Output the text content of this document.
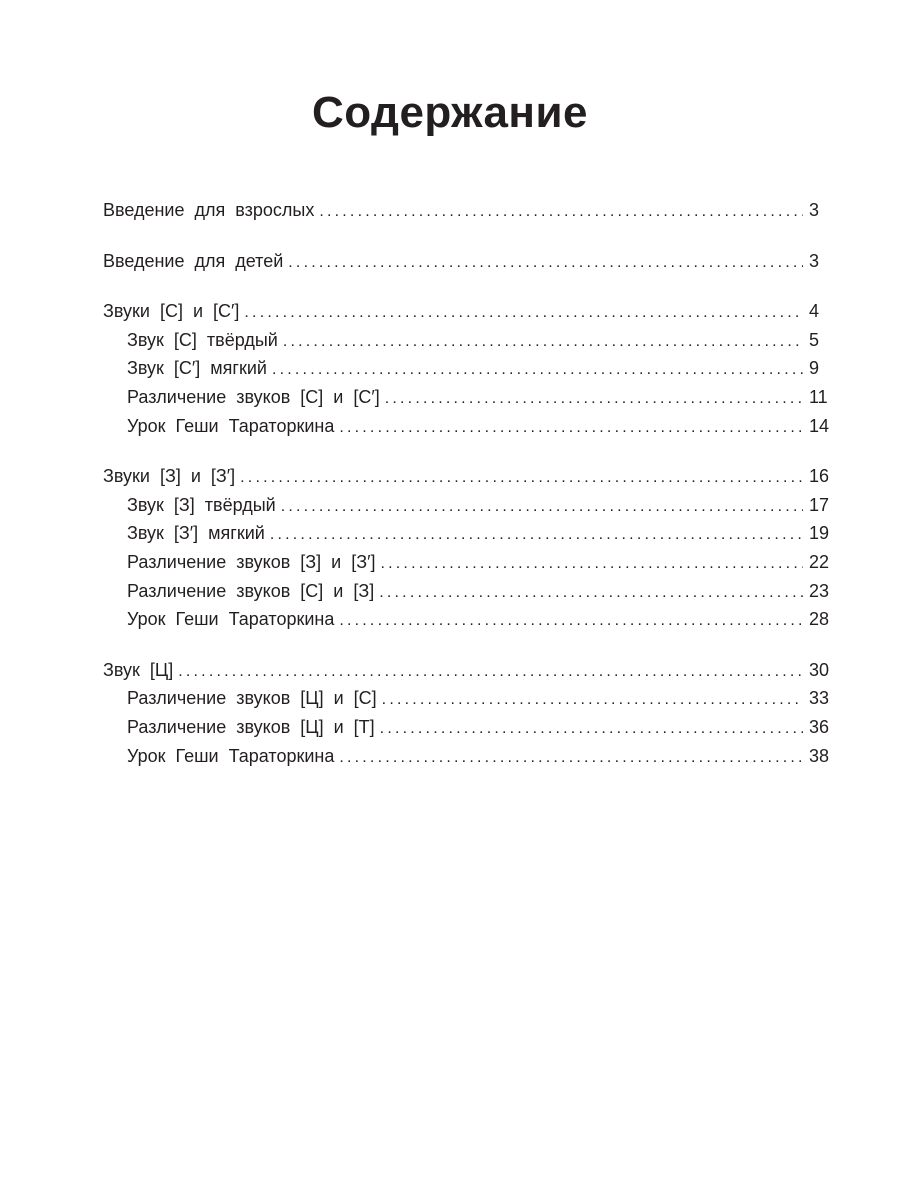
Содержание
Введение для взрослых .....	3
Введение для детей .....	3
Звуки [С] и [С′] .....	4
Звук [С] твёрдый .....	5
Звук [С′] мягкий .....	9
Различение звуков [С] и [С′] .....	11
Урок Геши Тараторкина .....	14
Звуки [З] и [З′] .....	16
Звук [З] твёрдый .....	17
Звук [З′] мягкий .....	19
Различение звуков [З] и [З′] .....	22
Различение звуков [С] и [З] .....	23
Урок Геши Тараторкина .....	28
Звук [Ц] .....	30
Различение звуков [Ц] и [С] .....	33
Различение звуков [Ц] и [Т] .....	36
Урок Геши Тараторкина .....	38
